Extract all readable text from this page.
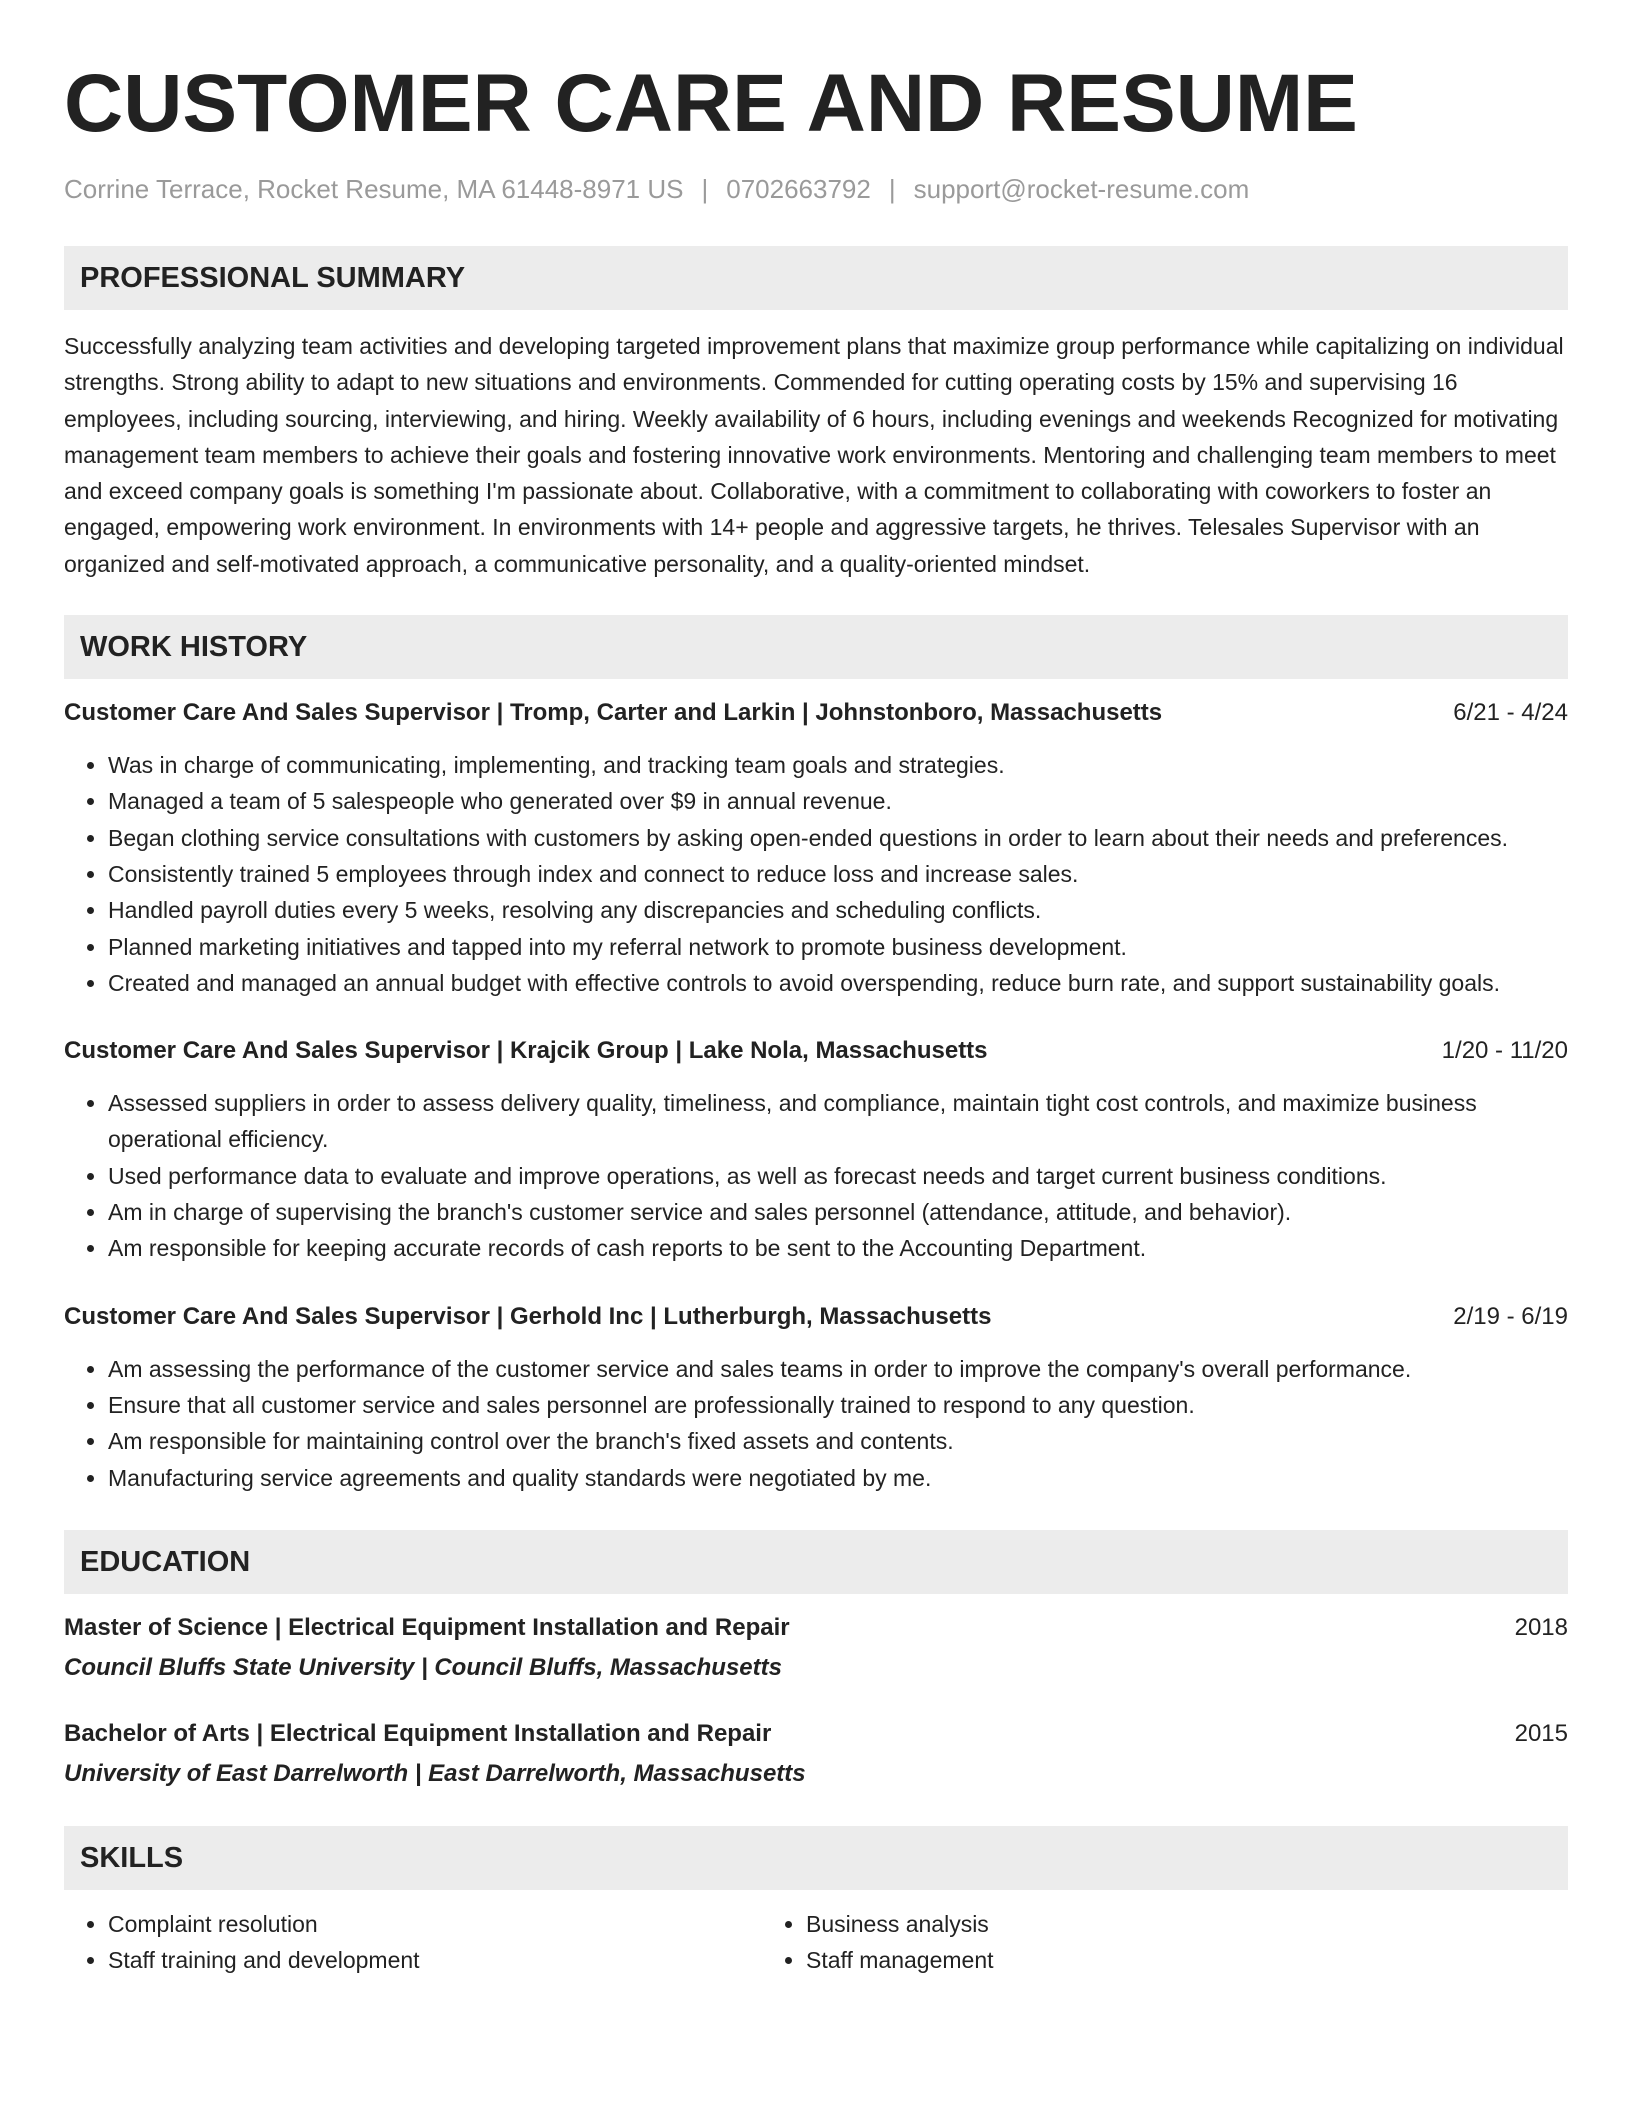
CUSTOMER CARE AND RESUME
Corrine Terrace, Rocket Resume, MA 61448-8971 US | 0702663792 | support@rocket-resume.com
PROFESSIONAL SUMMARY

Successfully analyzing team activities and developing targeted improvement plans that maximize group performance while capitalizing on individual strengths. Strong ability to adapt to new situations and environments. Commended for cutting operating costs by 15% and supervising 16 employees, including sourcing, interviewing, and hiring. Weekly availability of 6 hours, including evenings and weekends Recognized for motivating management team members to achieve their goals and fostering innovative work environments. Mentoring and challenging team members to meet and exceed company goals is something I'm passionate about. Collaborative, with a commitment to collaborating with coworkers to foster an engaged, empowering work environment. In environments with 14+ people and aggressive targets, he thrives. Telesales Supervisor with an organized and self-motivated approach, a communicative personality, and a quality-oriented mindset.

WORK HISTORY
Customer Care And Sales Supervisor | Tromp, Carter and Larkin | Johnstonboro, Massachusetts	6/21 - 4/24
• Was in charge of communicating, implementing, and tracking team goals and strategies.
• Managed a team of 5 salespeople who generated over $9 in annual revenue.
• Began clothing service consultations with customers by asking open-ended questions in order to learn about their needs and preferences.
• Consistently trained 5 employees through index and connect to reduce loss and increase sales.
• Handled payroll duties every 5 weeks, resolving any discrepancies and scheduling conflicts.
• Planned marketing initiatives and tapped into my referral network to promote business development.
• Created and managed an annual budget with effective controls to avoid overspending, reduce burn rate, and support sustainability goals.
Customer Care And Sales Supervisor | Krajcik Group | Lake Nola, Massachusetts	1/20 - 11/20
• Assessed suppliers in order to assess delivery quality, timeliness, and compliance, maintain tight cost controls, and maximize business operational efficiency.
• Used performance data to evaluate and improve operations, as well as forecast needs and target current business conditions.
• Am in charge of supervising the branch's customer service and sales personnel (attendance, attitude, and behavior).
• Am responsible for keeping accurate records of cash reports to be sent to the Accounting Department.
Customer Care And Sales Supervisor | Gerhold Inc | Lutherburgh, Massachusetts	2/19 - 6/19
• Am assessing the performance of the customer service and sales teams in order to improve the company's overall performance.
• Ensure that all customer service and sales personnel are professionally trained to respond to any question.
• Am responsible for maintaining control over the branch's fixed assets and contents.
• Manufacturing service agreements and quality standards were negotiated by me.
EDUCATION
Master of Science | Electrical Equipment Installation and Repair	2018
Council Bluffs State University | Council Bluffs, Massachusetts
Bachelor of Arts | Electrical Equipment Installation and Repair	2015
University of East Darrelworth | East Darrelworth, Massachusetts
SKILLS
• Complaint resolution
• Staff training and development
• Business analysis
• Staff management
